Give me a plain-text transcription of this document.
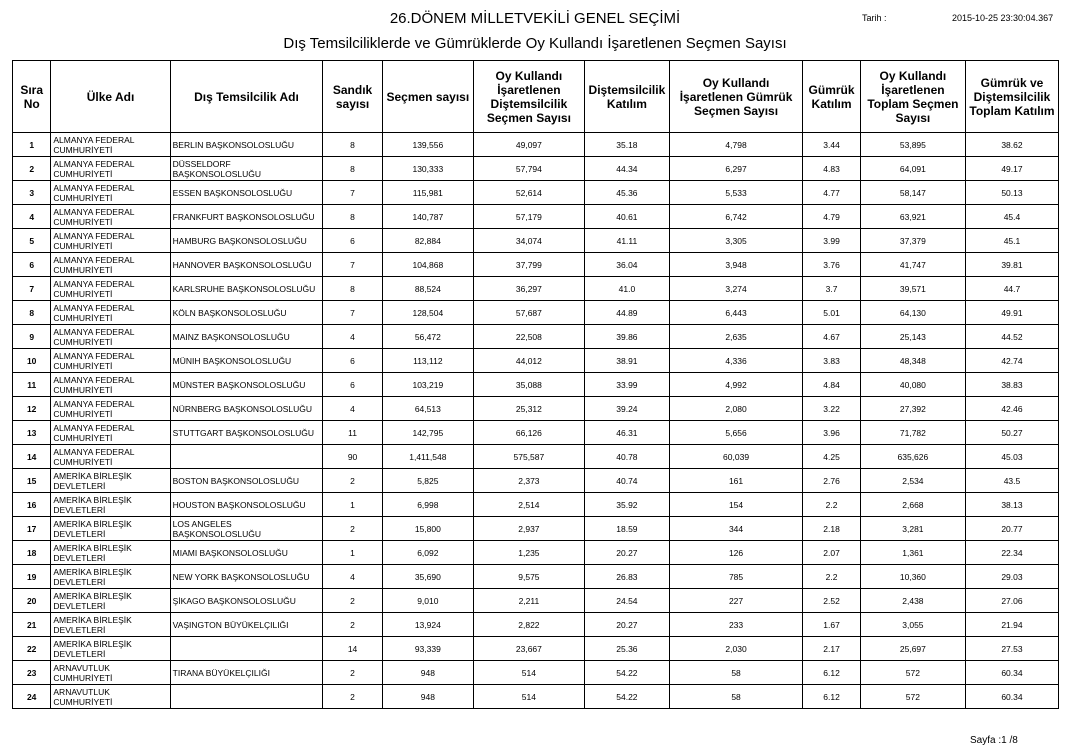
26.DÖNEM MİLLETVEKİLİ GENEL SEÇİMİ
Dış Temsilciliklerde ve Gümrüklerde Oy Kullandı İşaretlenen Seçmen Sayısı
Tarih :	2015-10-25 23:30:04.367
Sıra No	Ülke Adı	Dış Temsilcilik Adı	Sandık sayısı	Seçmen sayısı	Oy Kullandı İşaretlenen Diştemsilcilik Seçmen Sayısı	Diştemsilcilik Katılım	Oy Kullandı İşaretlenen Gümrük Seçmen Sayısı	Gümrük Katılım	Oy Kullandı İşaretlenen Toplam Seçmen Sayısı	Gümrük ve Diştemsilcilik Toplam Katılım
1	ALMANYA FEDERAL CUMHURİYETİ	BERLIN BAŞKONSOLOSLUĞU	8	139,556	49,097	35.18	4,798	3.44	53,895	38.62
2	ALMANYA FEDERAL CUMHURİYETİ	DÜSSELDORF BAŞKONSOLOSLUĞU	8	130,333	57,794	44.34	6,297	4.83	64,091	49.17
3	ALMANYA FEDERAL CUMHURİYETİ	ESSEN BAŞKONSOLOSLUĞU	7	115,981	52,614	45.36	5,533	4.77	58,147	50.13
4	ALMANYA FEDERAL CUMHURİYETİ	FRANKFURT BAŞKONSOLOSLUĞU	8	140,787	57,179	40.61	6,742	4.79	63,921	45.4
5	ALMANYA FEDERAL CUMHURİYETİ	HAMBURG BAŞKONSOLOSLUĞU	6	82,884	34,074	41.11	3,305	3.99	37,379	45.1
6	ALMANYA FEDERAL CUMHURİYETİ	HANNOVER BAŞKONSOLOSLUĞU	7	104,868	37,799	36.04	3,948	3.76	41,747	39.81
7	ALMANYA FEDERAL CUMHURİYETİ	KARLSRUHE BAŞKONSOLOSLUĞU	8	88,524	36,297	41.0	3,274	3.7	39,571	44.7
8	ALMANYA FEDERAL CUMHURİYETİ	KÖLN BAŞKONSOLOSLUĞU	7	128,504	57,687	44.89	6,443	5.01	64,130	49.91
9	ALMANYA FEDERAL CUMHURİYETİ	MAINZ BAŞKONSOLOSLUĞU	4	56,472	22,508	39.86	2,635	4.67	25,143	44.52
10	ALMANYA FEDERAL CUMHURİYETİ	MÜNIH BAŞKONSOLOSLUĞU	6	113,112	44,012	38.91	4,336	3.83	48,348	42.74
11	ALMANYA FEDERAL CUMHURİYETİ	MÜNSTER BAŞKONSOLOSLUĞU	6	103,219	35,088	33.99	4,992	4.84	40,080	38.83
12	ALMANYA FEDERAL CUMHURİYETİ	NÜRNBERG BAŞKONSOLOSLUĞU	4	64,513	25,312	39.24	2,080	3.22	27,392	42.46
13	ALMANYA FEDERAL CUMHURİYETİ	STUTTGART BAŞKONSOLOSLUĞU	11	142,795	66,126	46.31	5,656	3.96	71,782	50.27
14	ALMANYA FEDERAL CUMHURİYETİ		90	1,411,548	575,587	40.78	60,039	4.25	635,626	45.03
15	AMERİKA BİRLEŞİK DEVLETLERİ	BOSTON BAŞKONSOLOSLUĞU	2	5,825	2,373	40.74	161	2.76	2,534	43.5
16	AMERİKA BİRLEŞİK DEVLETLERİ	HOUSTON BAŞKONSOLOSLUĞU	1	6,998	2,514	35.92	154	2.2	2,668	38.13
17	AMERİKA BİRLEŞİK DEVLETLERİ	LOS ANGELES BAŞKONSOLOSLUĞU	2	15,800	2,937	18.59	344	2.18	3,281	20.77
18	AMERİKA BİRLEŞİK DEVLETLERİ	MIAMI BAŞKONSOLOSLUĞU	1	6,092	1,235	20.27	126	2.07	1,361	22.34
19	AMERİKA BİRLEŞİK DEVLETLERİ	NEW YORK BAŞKONSOLOSLUĞU	4	35,690	9,575	26.83	785	2.2	10,360	29.03
20	AMERİKA BİRLEŞİK DEVLETLERİ	ŞİKAGO BAŞKONSOLOSLUĞU	2	9,010	2,211	24.54	227	2.52	2,438	27.06
21	AMERİKA BİRLEŞİK DEVLETLERİ	VAŞINGTON BÜYÜKELÇILIĞI	2	13,924	2,822	20.27	233	1.67	3,055	21.94
22	AMERİKA BİRLEŞİK DEVLETLERİ		14	93,339	23,667	25.36	2,030	2.17	25,697	27.53
23	ARNAVUTLUK CUMHURİYETİ	TIRANA BÜYÜKELÇILIĞI	2	948	514	54.22	58	6.12	572	60.34
24	ARNAVUTLUK CUMHURİYETİ		2	948	514	54.22	58	6.12	572	60.34
Sayfa :1 /8
